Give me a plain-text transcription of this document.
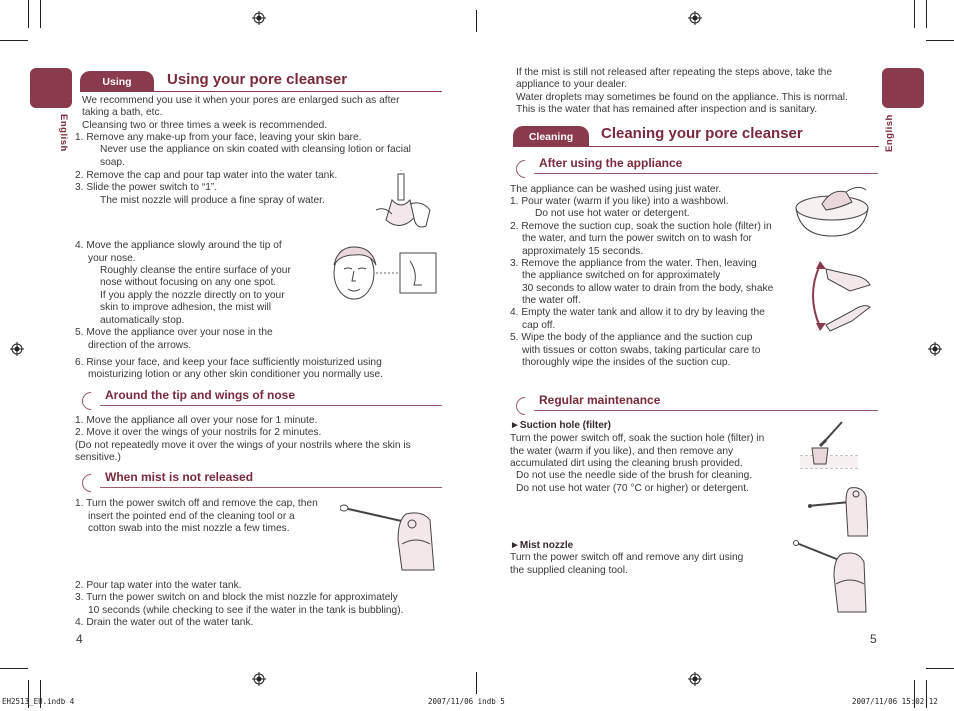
English
Using	Using your pore cleanser
We recommend you use it when your pores are enlarged such as after
taking a bath, etc.
Cleansing two or three times a week is recommended.
1. Remove any make-up from your face, leaving your skin bare.
Never use the appliance on skin coated with cleansing lotion or facial
soap.
2. Remove the cap and pour tap water into the water tank.
3. Slide the power switch to “1”.
The mist nozzle will produce a fine spray of water.
4. Move the appliance slowly around the tip of
your nose.
Roughly cleanse the entire surface of your
nose without focusing on any one spot.
If you apply the nozzle directly on to your
skin to improve adhesion, the mist will
automatically stop.
5. Move the appliance over your nose in the
direction of the arrows.
6. Rinse your face, and keep your face sufficiently moisturized using
moisturizing lotion or any other skin conditioner you normally use.
Around the tip and wings of nose
1. Move the appliance all over your nose for 1 minute.
2. Move it over the wings of your nostrils for 2 minutes.
(Do not repeatedly move it over the wings of your nostrils where the skin is
sensitive.)
When mist is not released
1. Turn the power switch off and remove the cap, then
insert the pointed end of the cleaning tool or a
cotton swab into the mist nozzle a few times.
2. Pour tap water into the water tank.
3. Turn the power switch on and block the mist nozzle for approximately
10 seconds (while checking to see if the water in the tank is bubbling).
4. Drain the water out of the water tank.
4
English
If the mist is still not released after repeating the steps above, take the
appliance to your dealer.
Water droplets may sometimes be found on the appliance. This is normal.
This is the water that has remained after inspection and is sanitary.
Cleaning	Cleaning your pore cleanser
After using the appliance
The appliance can be washed using just water.
1. Pour water (warm if you like) into a washbowl.
Do not use hot water or detergent.
2. Remove the suction cup, soak the suction hole (filter) in
the water, and turn the power switch on to wash for
approximately 15 seconds.
3. Remove the appliance from the water. Then, leaving
the appliance switched on for approximately
30 seconds to allow water to drain from the body, shake
the water off.
4. Empty the water tank and allow it to dry by leaving the
cap off.
5. Wipe the body of the appliance and the suction cup
with tissues or cotton swabs, taking particular care to
thoroughly wipe the insides of the suction cup.
Regular maintenance
►Suction hole (filter)
Turn the power switch off, soak the suction hole (filter) in
the water (warm if you like), and then remove any
accumulated dirt using the cleaning brush provided.
Do not use the needle side of the brush for cleaning.
Do not use hot water (70 °C or higher) or detergent.
►Mist nozzle
Turn the power switch off and remove any dirt using
the supplied cleaning tool.
5
EH2513_EU.indb 4	2007/11/06 indb 5	2007/11/06 15:02:12
